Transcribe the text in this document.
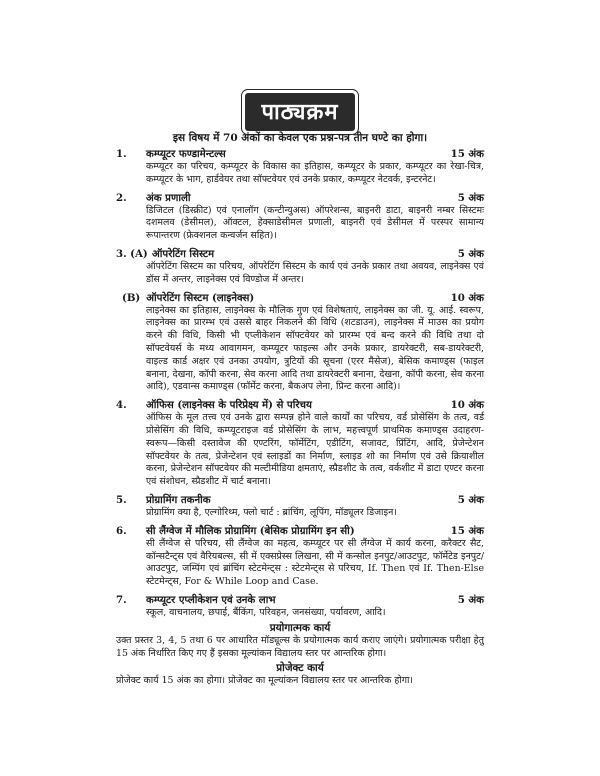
पाठ्यक्रम
इस विषय में 70 अंकों का केवल एक प्रश्न-पत्र तीन घण्टे का होगा।
1.	कम्प्यूटर फण्डामेन्टल्स	15 अंक
कम्प्यूटर का परिचय, कम्प्यूटर के विकास का इतिहास, कम्प्यूटर के प्रकार, कम्प्यूटर का रेखा-चित्र, कम्प्यूटर के भाग, हार्डवेयर तथा सॉफ्टवेयर एवं उनके प्रकार, कम्प्यूटर नेटवर्क, इन्टरनेट।
2.	अंक प्रणाली	5 अंक
डिजिटल (डिस्क्रीट) एवं एनालॉग (कन्टीन्युअस) ऑपरेशन्स, बाइनरी डाटा, बाइनरी नम्बर सिस्टमः दशमलव (डेसीमल), ऑक्टल, हेक्साडेसीमल प्रणाली, बाइनरी एवं डेसीमल में परस्पर सामान्य रूपान्तरण (फ्रेक्शनल कन्वर्जन सहित)।
3. (A) ऑपरेटिंग सिस्टम	5 अंक
ऑपरेटिंग सिस्टम का परिचय, ऑपरेटिंग सिस्टम के कार्य एवं उनके प्रकार तथा अवयव, लाइनेक्स एवं डॉस में अन्तर, लाइनेक्स एवं विण्डोज में अन्तर।
(B) ऑपरेटिंग सिस्टम (लाइनेक्स)	10 अंक
लाइनेक्स का इतिहास, लाइनेक्स के मौलिक गुण एवं विशेषताएं, लाइनेक्स का जी. यू. आई. स्वरूप, लाइनेक्स का प्रारम्भ एवं उससे बाहर निकलने की विधि (शटडाउन), लाइनेक्स में माउस का प्रयोग करने की विधि, किसी भी एप्लीकेशन सॉफ्टवेयर को प्रारम्भ एवं बन्द करने की विधि तथा दो सॉफ्टवेयर्स के मध्य आवागमन, कम्प्यूटर फाइल्स और उनके प्रकार, डायरेक्टरी, सब-डायरेक्टरी, वाइल्ड कार्ड अक्षर एवं उनका उपयोग, त्रुटियों की सूचना (एरर मैसेज), बेसिक कमाण्ड्स (फाइल बनाना, देखना, कॉपी करना, सेव करना आदि तथा डायरेक्टरी बनाना, देखना, कॉपी करना, सेव करना आदि), एडवान्स कमाण्ड्स (फॉर्मेट करना, बैकअप लेना, प्रिन्ट करना आदि)।
4.	ऑफिस (लाइनेक्स के परिप्रेक्ष्य में) से परिचय	10 अंक
ऑफिस के मूल तत्त्व एवं उनके द्वारा सम्पन्न होने वाले कार्यों का परिचय, वर्ड प्रोसेसिंग के तत्व, वर्ड प्रोसेसिंग की विधि, कम्प्यूटराइज वर्ड प्रोसेसिंग के लाभ, महत्त्वपूर्ण प्राथमिक कमाण्ड्स उदाहरण-स्वरूप—किसी दस्तावेज की एण्टरिंग, फॉर्मेटिंग, एडीटिंग, सजावट, प्रिंटिंग, आदि, प्रेजेन्टेशन सॉफ्टवेयर के तत्व, प्रेजेन्टेशन एवं स्लाइडों का निर्माण, स्लाइड शो का निर्माण एवं उसे क्रियाशील करना, प्रेजेन्टेशन सॉफ्टवेयर की मल्टीमीडिया क्षमताएं, स्प्रैडशीट के तत्व, वर्कशीट में डाटा एण्टर करना एवं संशोधन, स्प्रैडशीट में चार्ट बनाना।
5.	प्रोग्रामिंग तकनीक	5 अंक
प्रोग्रामिंग क्या है, एल्गोरिथ्म, फ्लो चार्ट : ब्रांचिंग, लूपिंग, मॉड्यूलर डिजाइन।
6.	सी लैंग्वेज में मौलिक प्रोग्रामिंग (बेसिक प्रोग्रामिंग इन सी)	15 अंक
सी लैंग्वेज से परिचय, सी लैंग्वेज का महत्व, कम्प्यूटर पर सी लैंग्वेज में कार्य करना, करैक्टर सैट, कॉन्सटैन्ट्स एवं वैरियबल्स, सी में एक्सप्रेस्स लिखना, सी में कन्सोल इनपुट/आउटपुट, फॉर्मेटेड इनपुट/आउटपुट, जम्पिंग एवं ब्रांचिंग स्टेटमेन्ट्स : स्टेटमेन्ट्स से परिचय, If. Then एवं If. Then-Else स्टेटमेन्ट्स, For & While Loop and Case.
7.	कम्प्यूटर एप्लीकेशन एवं उनके लाभ	5 अंक
स्कूल, वाचनालय, छपाई, बैंकिंग, परिवहन, जनसंख्या, पर्यावरण, आदि।
प्रयोगात्मक कार्य
उक्त प्रस्तर 3, 4, 5 तथा 6 पर आधारित मॉड्यूल्स के प्रयोगात्मक कार्य कराए जाएंगे। प्रयोगात्मक परीक्षा हेतु 15 अंक निर्धारित किए गए हैं इसका मूल्यांकन विद्यालय स्तर पर आन्तरिक होगा।
प्रोजेक्ट कार्य
प्रोजेक्ट कार्य 15 अंक का होगा। प्रोजेक्ट का मूल्यांकन विद्यालय स्तर पर आन्तरिक होगा।
